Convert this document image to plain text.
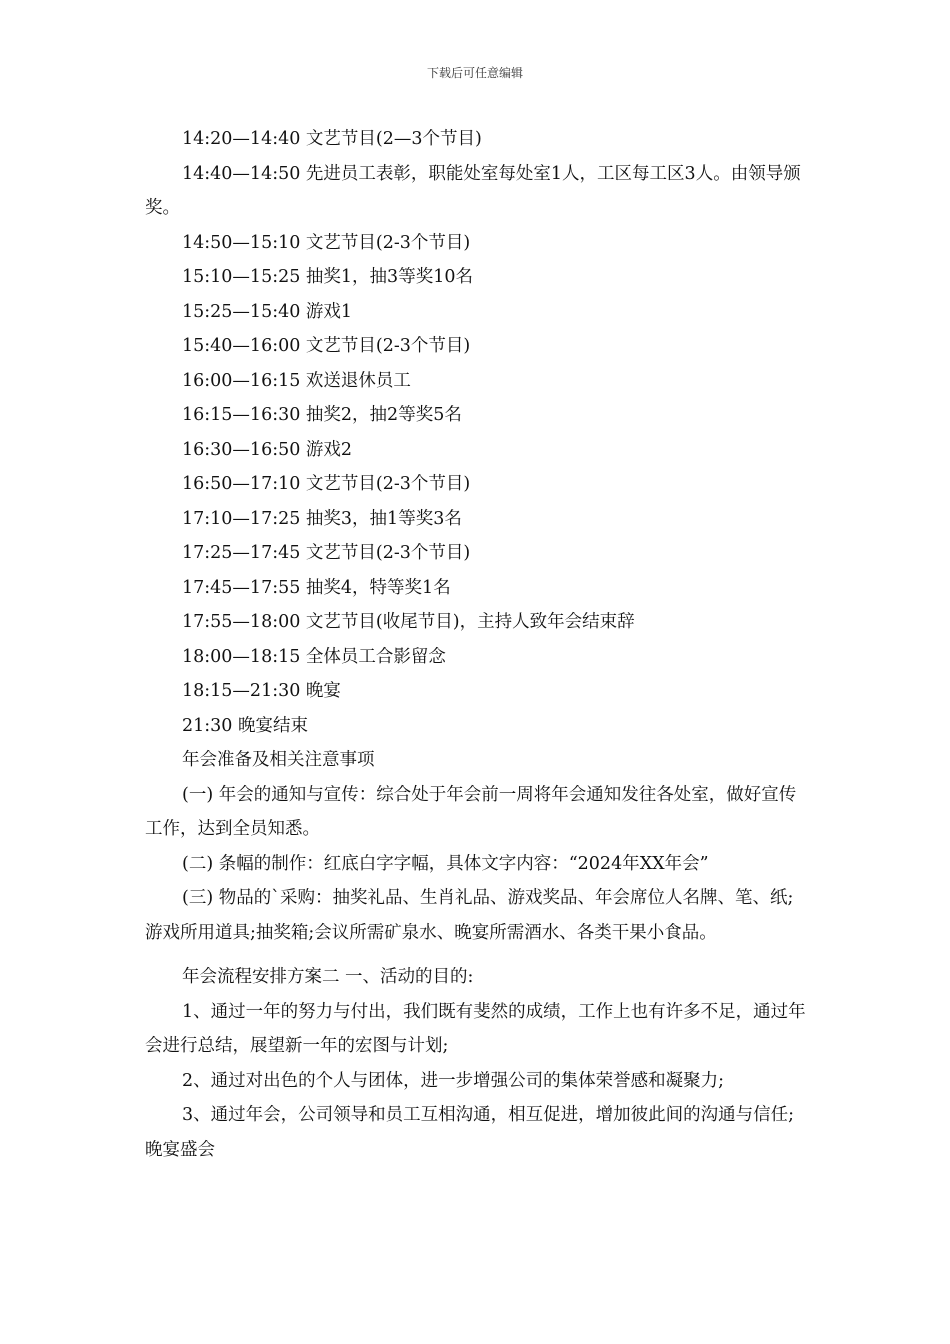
下载后可任意编辑

14:20—14:40 文艺节目(2—3个节目)

14:40—14:50 先进员工表彰，职能处室每处室1人，工区每工区3人。由领导颁奖。

14:50—15:10 文艺节目(2-3个节目)

15:10—15:25 抽奖1，抽3等奖10名

15:25—15:40 游戏1

15:40—16:00 文艺节目(2-3个节目)

16:00—16:15 欢送退休员工

16:15—16:30 抽奖2，抽2等奖5名

16:30—16:50 游戏2

16:50—17:10 文艺节目(2-3个节目)

17:10—17:25 抽奖3，抽1等奖3名

17:25—17:45 文艺节目(2-3个节目)

17:45—17:55 抽奖4，特等奖1名

17:55—18:00 文艺节目(收尾节目)，主持人致年会结束辞

18:00—18:15 全体员工合影留念

18:15—21:30 晚宴

21:30 晚宴结束

年会准备及相关注意事项

(一) 年会的通知与宣传：综合处于年会前一周将年会通知发往各处室，做好宣传工作，达到全员知悉。

(二) 条幅的制作：红底白字字幅，具体文字内容：“2024年XX年会”

(三) 物品的`采购：抽奖礼品、生肖礼品、游戏奖品、年会席位人名牌、笔、纸;游戏所用道具;抽奖箱;会议所需矿泉水、晚宴所需酒水、各类干果小食品。

年会流程安排方案二 一、活动的目的:

1、通过一年的努力与付出，我们既有斐然的成绩，工作上也有许多不足，通过年会进行总结，展望新一年的宏图与计划;

2、通过对出色的个人与团体，进一步增强公司的集体荣誉感和凝聚力;

3、通过年会，公司领导和员工互相沟通，相互促进，增加彼此间的沟通与信任;晚宴盛会
